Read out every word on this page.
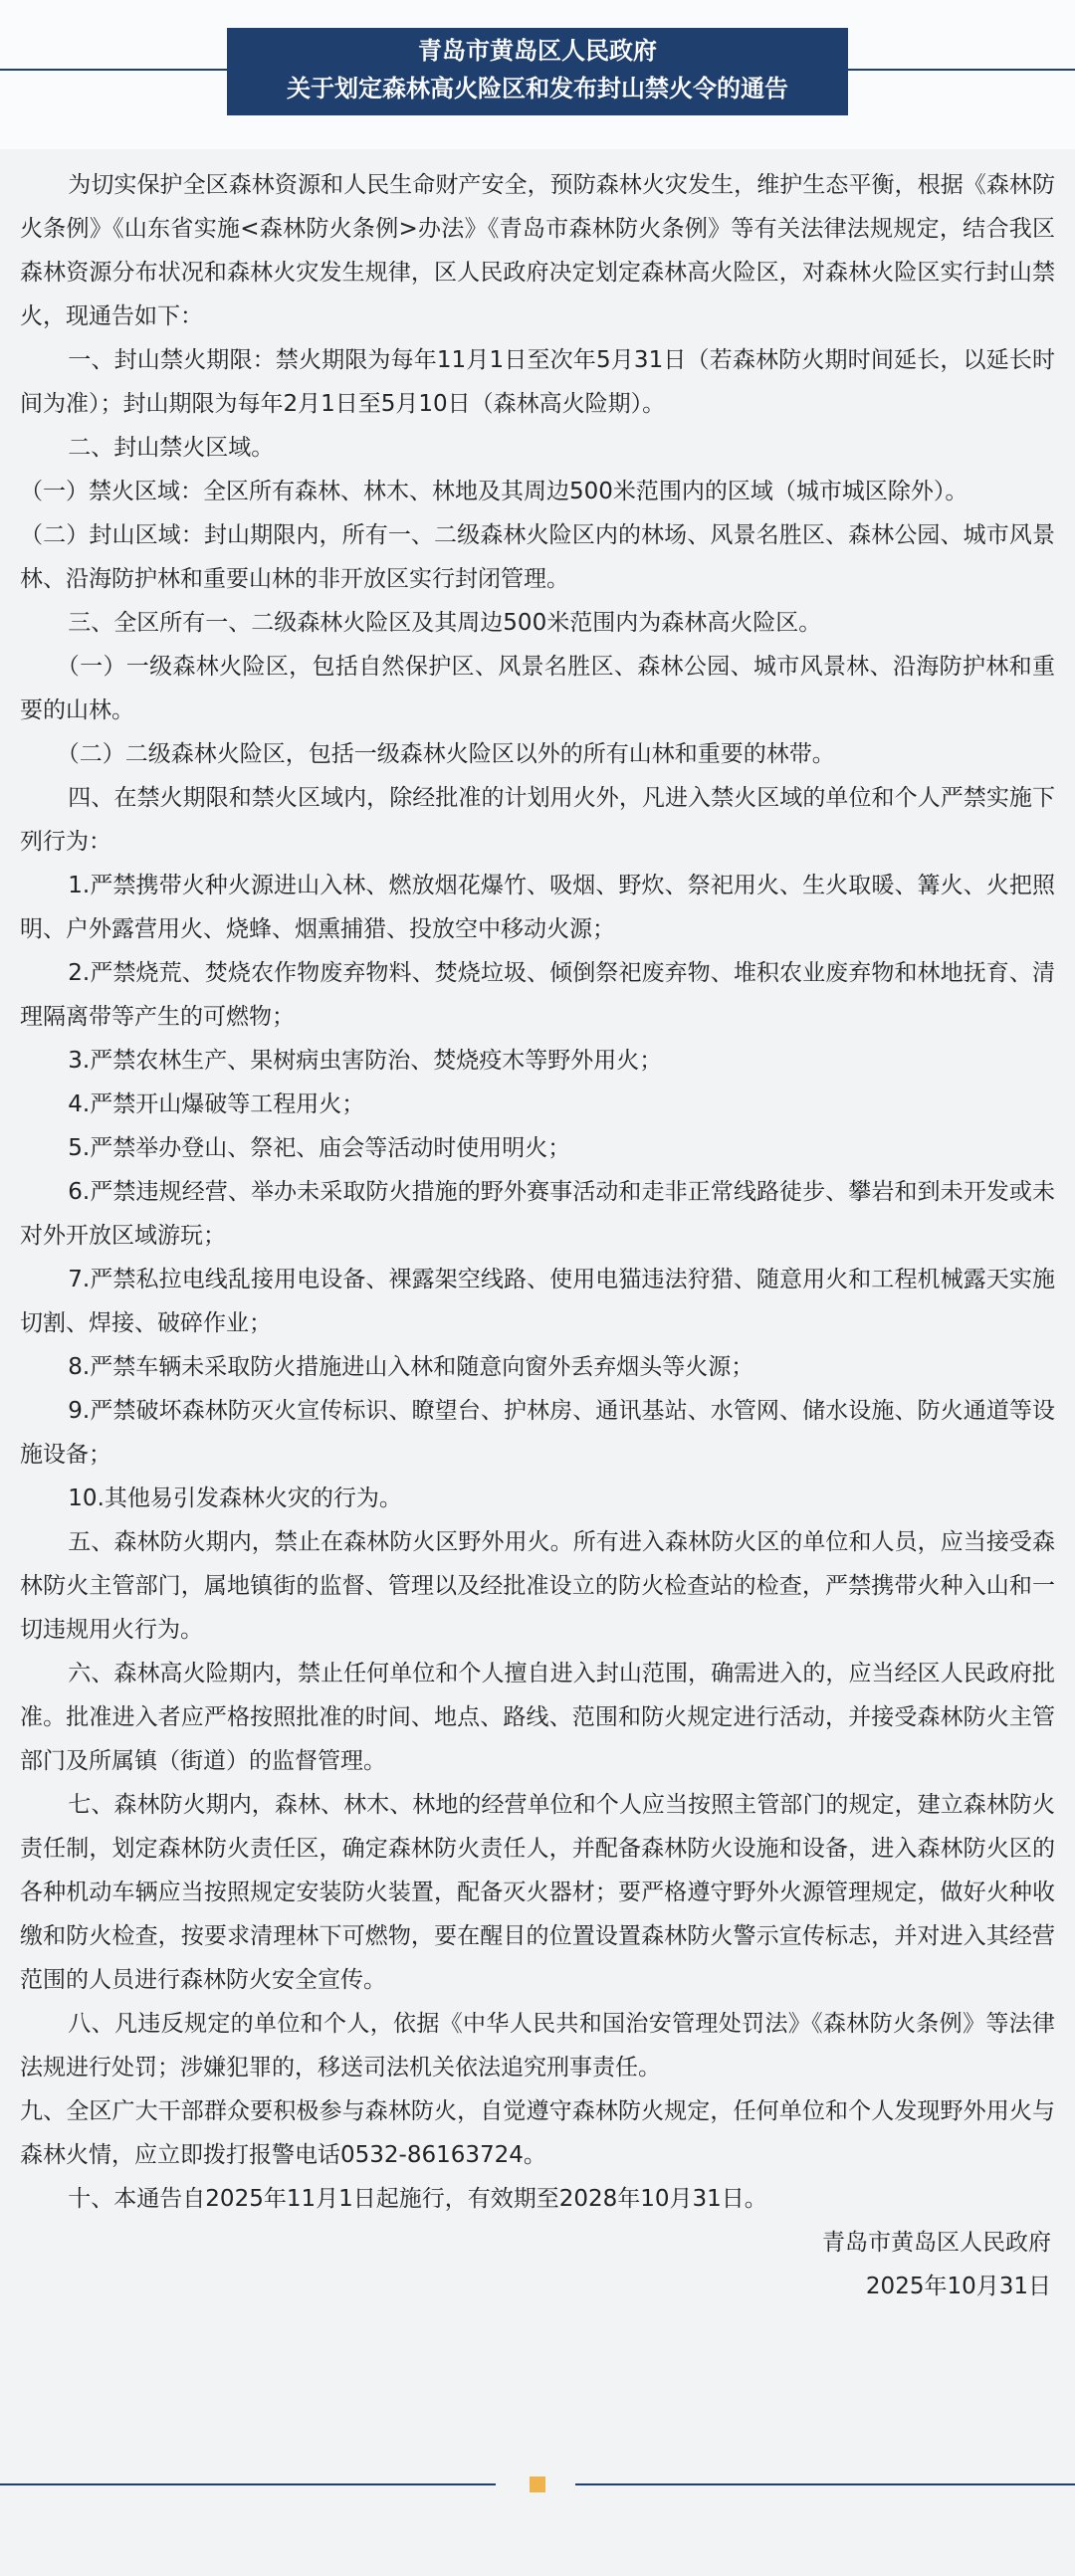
青岛市黄岛区人民政府
关于划定森林高火险区和发布封山禁火令的通告

为切实保护全区森林资源和人民生命财产安全，预防森林火灾发生，维护生态平衡，根据《森林防火条例》《山东省实施<森林防火条例>办法》《青岛市森林防火条例》等有关法律法规规定，结合我区森林资源分布状况和森林火灾发生规律，区人民政府决定划定森林高火险区，对森林火险区实行封山禁火，现通告如下：

一、封山禁火期限：禁火期限为每年11月1日至次年5月31日（若森林防火期时间延长，以延长时间为准）；封山期限为每年2月1日至5月10日（森林高火险期）。

二、封山禁火区域。

（一）禁火区域：全区所有森林、林木、林地及其周边500米范围内的区域（城市城区除外）。

（二）封山区域：封山期限内，所有一、二级森林火险区内的林场、风景名胜区、森林公园、城市风景林、沿海防护林和重要山林的非开放区实行封闭管理。

三、全区所有一、二级森林火险区及其周边500米范围内为森林高火险区。

（一）一级森林火险区，包括自然保护区、风景名胜区、森林公园、城市风景林、沿海防护林和重要的山林。

（二）二级森林火险区，包括一级森林火险区以外的所有山林和重要的林带。

四、在禁火期限和禁火区域内，除经批准的计划用火外，凡进入禁火区域的单位和个人严禁实施下列行为：

1.严禁携带火种火源进山入林、燃放烟花爆竹、吸烟、野炊、祭祀用火、生火取暖、篝火、火把照明、户外露营用火、烧蜂、烟熏捕猎、投放空中移动火源；

2.严禁烧荒、焚烧农作物废弃物料、焚烧垃圾、倾倒祭祀废弃物、堆积农业废弃物和林地抚育、清理隔离带等产生的可燃物；

3.严禁农林生产、果树病虫害防治、焚烧疫木等野外用火；

4.严禁开山爆破等工程用火；

5.严禁举办登山、祭祀、庙会等活动时使用明火；

6.严禁违规经营、举办未采取防火措施的野外赛事活动和走非正常线路徒步、攀岩和到未开发或未对外开放区域游玩；

7.严禁私拉电线乱接用电设备、裸露架空线路、使用电猫违法狩猎、随意用火和工程机械露天实施切割、焊接、破碎作业；

8.严禁车辆未采取防火措施进山入林和随意向窗外丢弃烟头等火源；

9.严禁破坏森林防灭火宣传标识、瞭望台、护林房、通讯基站、水管网、储水设施、防火通道等设施设备；

10.其他易引发森林火灾的行为。

五、森林防火期内，禁止在森林防火区野外用火。所有进入森林防火区的单位和人员，应当接受森林防火主管部门，属地镇街的监督、管理以及经批准设立的防火检查站的检查，严禁携带火种入山和一切违规用火行为。

六、森林高火险期内，禁止任何单位和个人擅自进入封山范围，确需进入的，应当经区人民政府批准。批准进入者应严格按照批准的时间、地点、路线、范围和防火规定进行活动，并接受森林防火主管部门及所属镇（街道）的监督管理。

七、森林防火期内，森林、林木、林地的经营单位和个人应当按照主管部门的规定，建立森林防火责任制，划定森林防火责任区，确定森林防火责任人，并配备森林防火设施和设备，进入森林防火区的各种机动车辆应当按照规定安装防火装置，配备灭火器材；要严格遵守野外火源管理规定，做好火种收缴和防火检查，按要求清理林下可燃物，要在醒目的位置设置森林防火警示宣传标志，并对进入其经营范围的人员进行森林防火安全宣传。

八、凡违反规定的单位和个人，依据《中华人民共和国治安管理处罚法》《森林防火条例》等法律法规进行处罚；涉嫌犯罪的，移送司法机关依法追究刑事责任。

九、全区广大干部群众要积极参与森林防火，自觉遵守森林防火规定，任何单位和个人发现野外用火与森林火情，应立即拨打报警电话0532-86163724。

十、本通告自2025年11月1日起施行，有效期至2028年10月31日。

青岛市黄岛区人民政府

2025年10月31日
